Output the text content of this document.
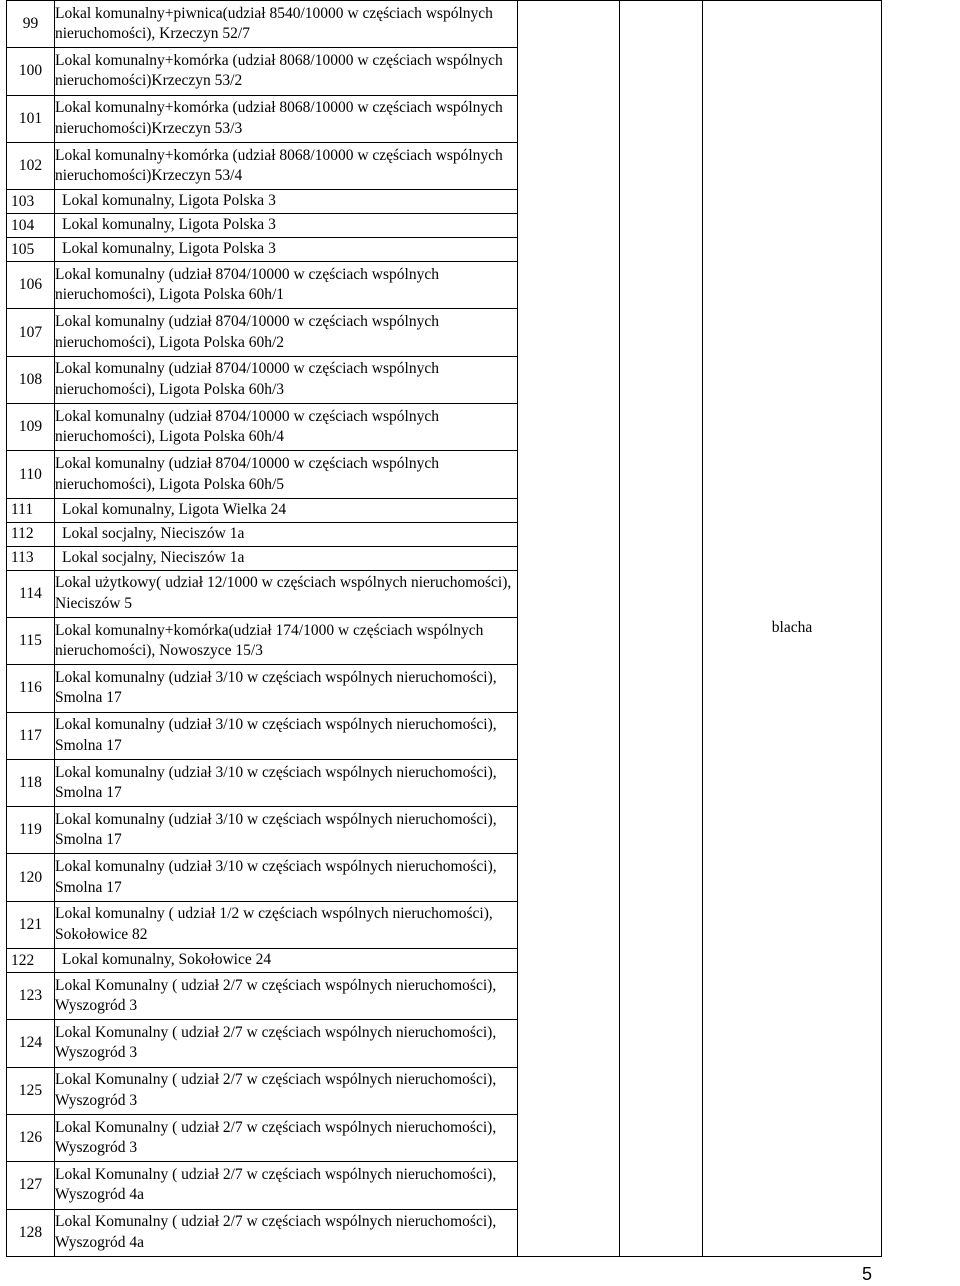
99	Lokal komunalny+piwnica(udział 8540/10000 w częściach wspólnych nieruchomości), Krzeczyn 52/7			blacha
100	Lokal komunalny+komórka (udział 8068/10000 w częściach wspólnych nieruchomości)Krzeczyn 53/2			
101	Lokal komunalny+komórka (udział 8068/10000 w częściach wspólnych nieruchomości)Krzeczyn 53/3			
102	Lokal komunalny+komórka (udział 8068/10000 w częściach wspólnych nieruchomości)Krzeczyn 53/4			
103	Lokal komunalny, Ligota Polska 3			
104	Lokal komunalny, Ligota Polska 3			
105	Lokal komunalny, Ligota Polska 3			
106	Lokal komunalny (udział 8704/10000 w częściach wspólnych nieruchomości), Ligota Polska 60h/1			
107	Lokal komunalny (udział 8704/10000 w częściach wspólnych nieruchomości), Ligota Polska 60h/2			
108	Lokal komunalny (udział 8704/10000 w częściach wspólnych nieruchomości), Ligota Polska 60h/3			
109	Lokal komunalny (udział 8704/10000 w częściach wspólnych nieruchomości), Ligota Polska 60h/4			
110	Lokal komunalny (udział 8704/10000 w częściach wspólnych nieruchomości), Ligota Polska 60h/5			
111	Lokal komunalny, Ligota Wielka 24			
112	Lokal socjalny, Nieciszów 1a			
113	Lokal socjalny, Nieciszów 1a			
114	Lokal użytkowy( udział 12/1000 w częściach wspólnych nieruchomości), Nieciszów 5			
115	Lokal komunalny+komórka(udział 174/1000 w częściach wspólnych nieruchomości), Nowoszyce 15/3			
116	Lokal komunalny (udział 3/10 w częściach wspólnych nieruchomości), Smolna 17			
117	Lokal komunalny (udział 3/10 w częściach wspólnych nieruchomości), Smolna 17			
118	Lokal komunalny (udział 3/10 w częściach wspólnych nieruchomości), Smolna 17			
119	Lokal komunalny (udział 3/10 w częściach wspólnych nieruchomości), Smolna 17			
120	Lokal komunalny (udział 3/10 w częściach wspólnych nieruchomości), Smolna 17			
121	Lokal komunalny ( udział 1/2 w częściach wspólnych nieruchomości), Sokołowice 82			
122	Lokal komunalny, Sokołowice 24			
123	Lokal Komunalny ( udział 2/7 w częściach wspólnych nieruchomości), Wyszogród 3			
124	Lokal Komunalny ( udział 2/7 w częściach wspólnych nieruchomości), Wyszogród 3			
125	Lokal Komunalny ( udział 2/7 w częściach wspólnych nieruchomości), Wyszogród 3			
126	Lokal Komunalny ( udział 2/7 w częściach wspólnych nieruchomości), Wyszogród 3			
127	Lokal Komunalny ( udział 2/7 w częściach wspólnych nieruchomości), Wyszogród 4a			
128	Lokal Komunalny ( udział 2/7 w częściach wspólnych nieruchomości), Wyszogród 4a			
5
